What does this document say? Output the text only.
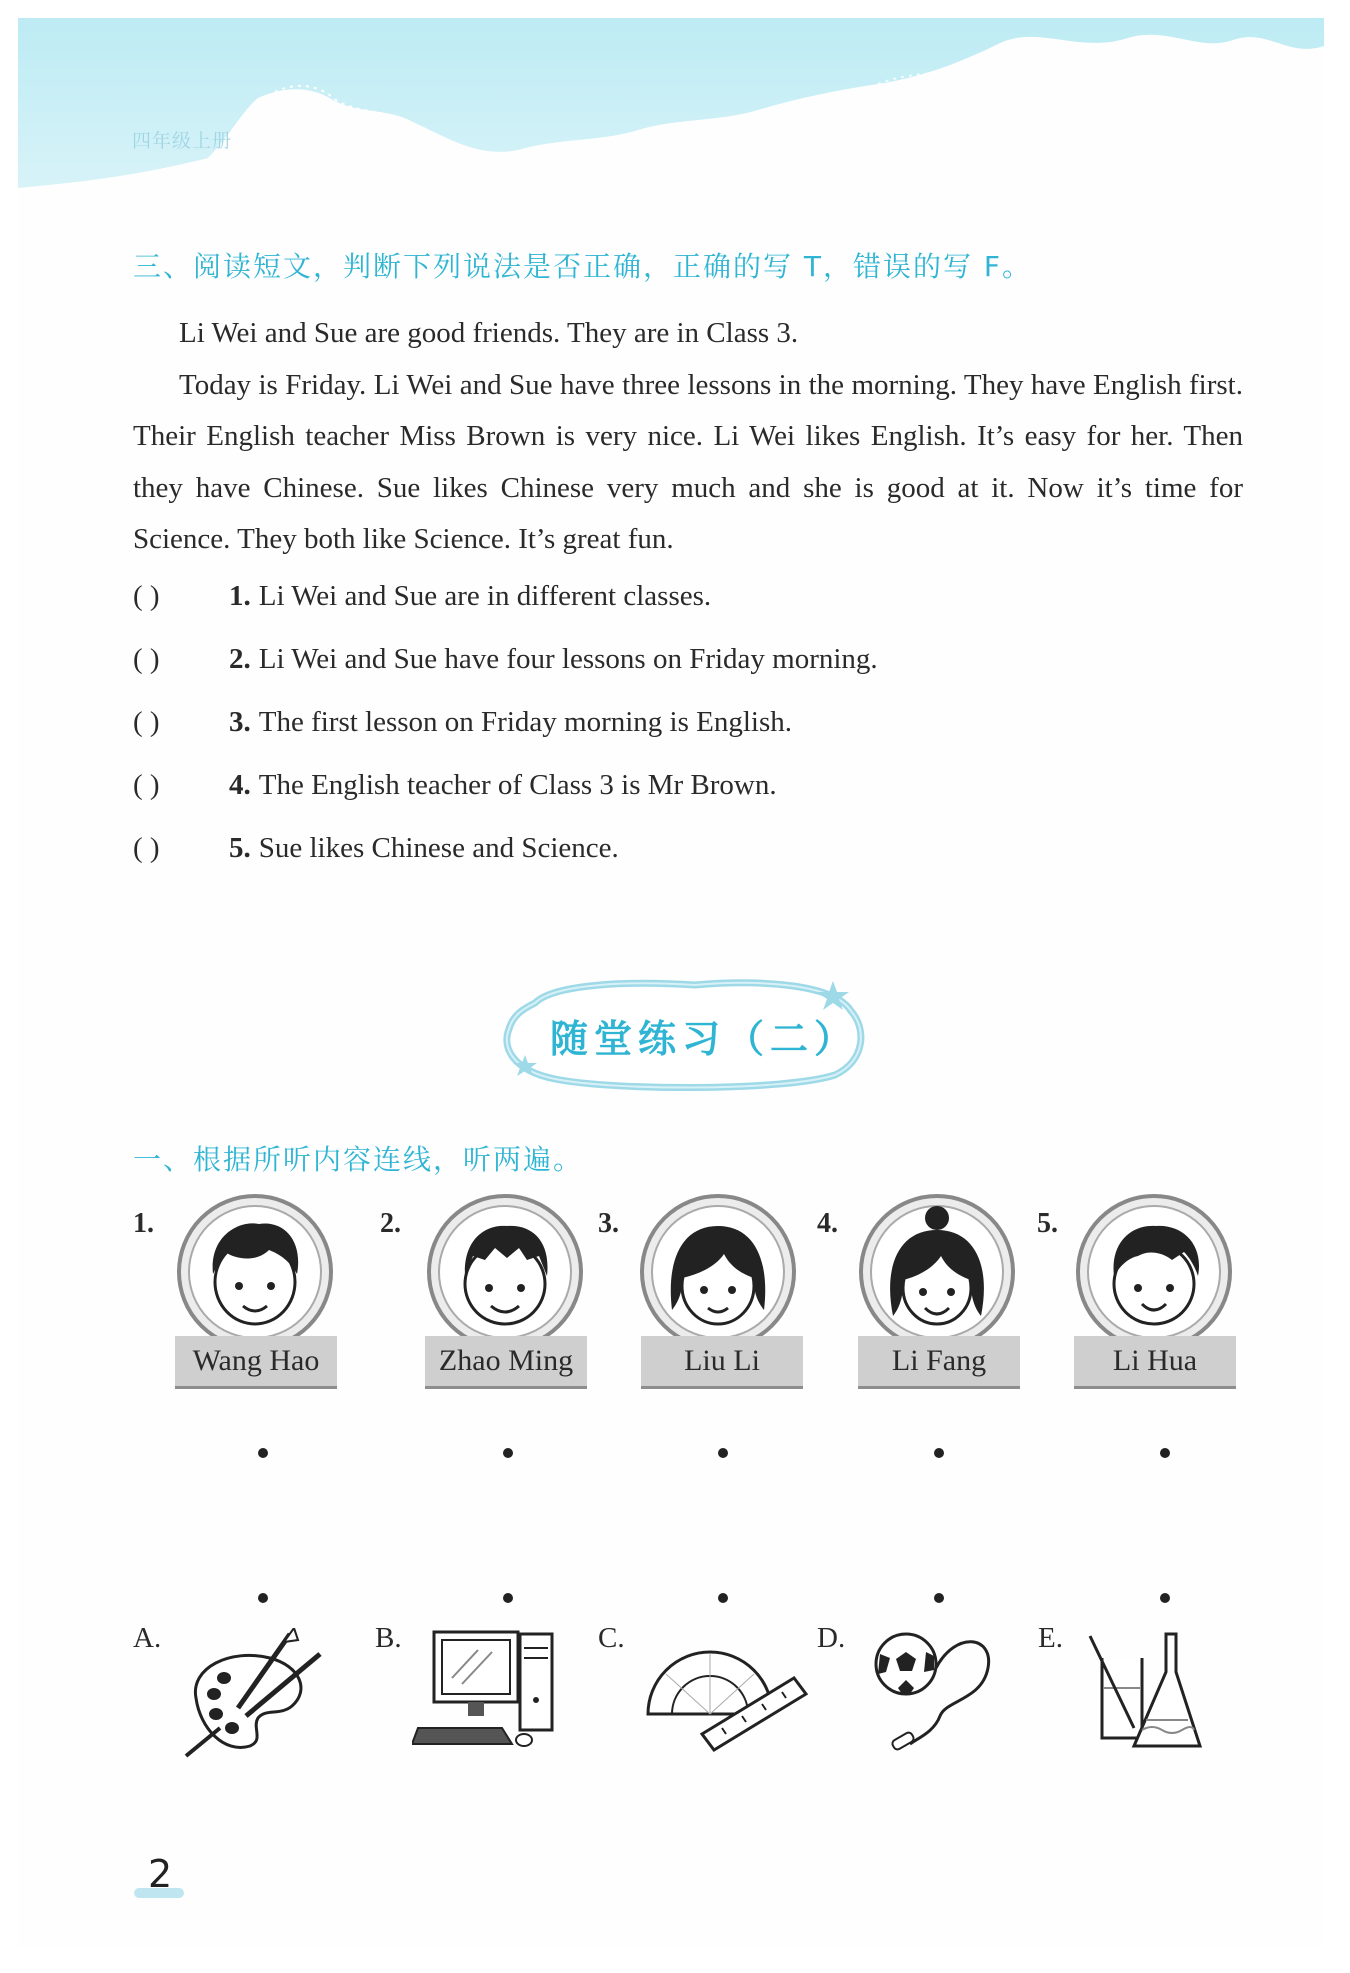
四年级上册
三、阅读短文，判断下列说法是否正确，正确的写 T，错误的写 F。

Li Wei and Sue are good friends. They are in Class 3.

Today is Friday. Li Wei and Sue have three lessons in the morning. They have English first. Their English teacher Miss Brown is very nice. Li Wei likes English. It’s easy for her. Then they have Chinese. Sue likes Chinese very much and she is good at it. Now it’s time for Science. They both like Science. It’s great fun.

( ) 1. Li Wei and Sue are in different classes.
( ) 2. Li Wei and Sue have four lessons on Friday morning.
( ) 3. The first lesson on Friday morning is English.
( ) 4. The English teacher of Class 3 is Mr Brown.
( ) 5. Sue likes Chinese and Science.
随堂练习（二）
一、根据所听内容连线，听两遍。
1.	2.	3.	4.	5.
Wang Hao	Zhao Ming	Liu Li	Li Fang	Li Hua
A.	B.	C.	D.	E.
2
